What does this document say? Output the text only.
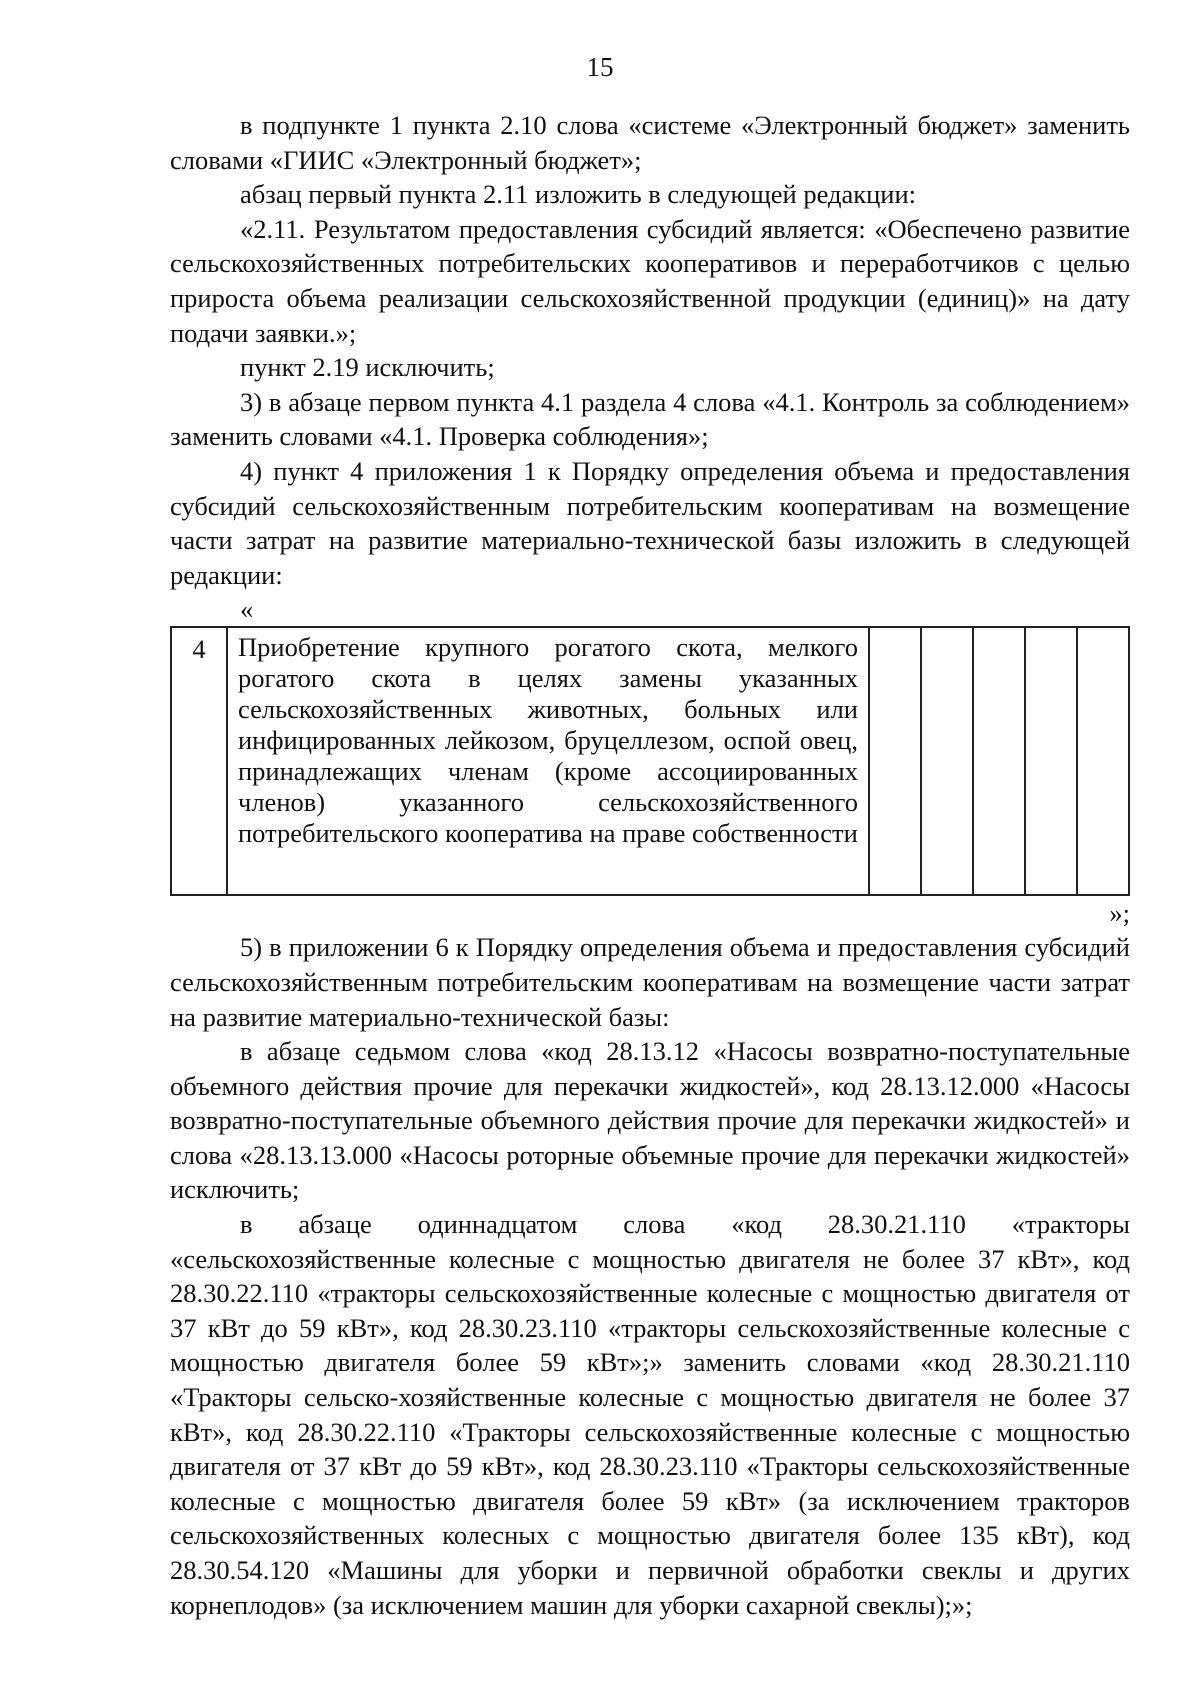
15

в подпункте 1 пункта 2.10 слова «системе «Электронный бюджет» заменить словами «ГИИС «Электронный бюджет»;

абзац первый пункта 2.11 изложить в следующей редакции:

«2.11. Результатом предоставления субсидий является: «Обеспечено развитие сельскохозяйственных потребительских кооперативов и переработчиков с целью прироста объема реализации сельскохозяйственной продукции (единиц)» на дату подачи заявки.»;

пункт 2.19 исключить;

3) в абзаце первом пункта 4.1 раздела 4 слова «4.1. Контроль за соблюдением» заменить словами «4.1. Проверка соблюдения»;

4) пункт 4 приложения 1 к Порядку определения объема и предоставления субсидий сельскохозяйственным потребительским кооперативам на возмещение части затрат на развитие материально-технической базы изложить в следующей редакции:

«
4	Приобретение крупного рогатого скота, мелкого рогатого скота в целях замены указанных сельскохозяйственных животных, больных или инфицированных лейкозом, бруцеллезом, оспой овец, принадлежащих членам (кроме ассоциированных членов) указанного сельскохозяйственного потребительского кооператива на праве собственности					
»;

5) в приложении 6 к Порядку определения объема и предоставления субсидий сельскохозяйственным потребительским кооперативам на возмещение части затрат на развитие материально-технической базы:

в абзаце седьмом слова «код 28.13.12 «Насосы возвратно-поступательные объемного действия прочие для перекачки жидкостей», код 28.13.12.000 «Насосы возвратно-поступательные объемного действия прочие для перекачки жидкостей» и слова «28.13.13.000 «Насосы роторные объемные прочие для перекачки жидкостей» исключить;

в абзаце одиннадцатом слова «код 28.30.21.110 «тракторы «сельскохозяйственные колесные с мощностью двигателя не более 37 кВт», код 28.30.22.110 «тракторы сельскохозяйственные колесные с мощностью двигателя от 37 кВт до 59 кВт», код 28.30.23.110 «тракторы сельскохозяйственные колесные с мощностью двигателя более 59 кВт»;» заменить словами «код 28.30.21.110 «Тракторы сельско-хозяйственные колесные с мощностью двигателя не более 37 кВт», код 28.30.22.110 «Тракторы сельскохозяйственные колесные с мощностью двигателя от 37 кВт до 59 кВт», код 28.30.23.110 «Тракторы сельскохозяйственные колесные с мощностью двигателя более 59 кВт» (за исключением тракторов сельскохозяйственных колесных с мощностью двигателя более 135 кВт), код 28.30.54.120 «Машины для уборки и первичной обработки свеклы и других корнеплодов» (за исключением машин для уборки сахарной свеклы);»;
